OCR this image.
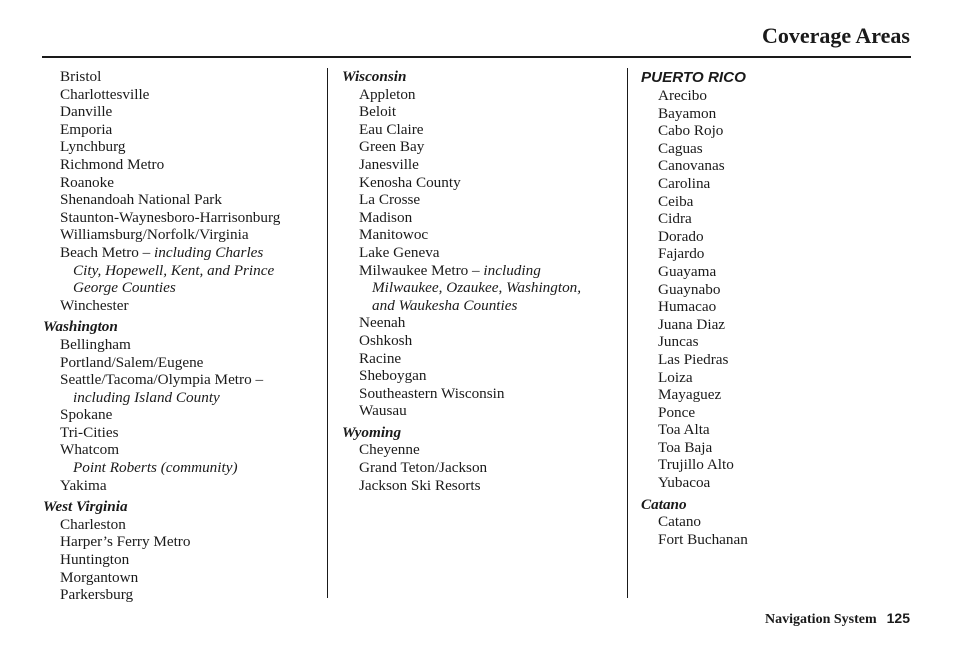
Coverage Areas
Bristol
Charlottesville
Danville
Emporia
Lynchburg
Richmond Metro
Roanoke
Shenandoah National Park
Staunton-Waynesboro-Harrisonburg
Williamsburg/Norfolk/Virginia
Beach Metro – including Charles
City, Hopewell, Kent, and Prince
George Counties
Winchester
Washington
Bellingham
Portland/Salem/Eugene
Seattle/Tacoma/Olympia Metro –
including Island County
Spokane
Tri-Cities
Whatcom
Point Roberts (community)
Yakima
West Virginia
Charleston
Harper’s Ferry Metro
Huntington
Morgantown
Parkersburg
Wisconsin
Appleton
Beloit
Eau Claire
Green Bay
Janesville
Kenosha County
La Crosse
Madison
Manitowoc
Lake Geneva
Milwaukee Metro – including
Milwaukee, Ozaukee, Washington,
and Waukesha Counties
Neenah
Oshkosh
Racine
Sheboygan
Southeastern Wisconsin
Wausau
Wyoming
Cheyenne
Grand Teton/Jackson
Jackson Ski Resorts
PUERTO RICO
Arecibo
Bayamon
Cabo Rojo
Caguas
Canovanas
Carolina
Ceiba
Cidra
Dorado
Fajardo
Guayama
Guaynabo
Humacao
Juana Diaz
Juncas
Las Piedras
Loiza
Mayaguez
Ponce
Toa Alta
Toa Baja
Trujillo Alto
Yubacoa
Catano
Catano
Fort Buchanan
Navigation System 125
